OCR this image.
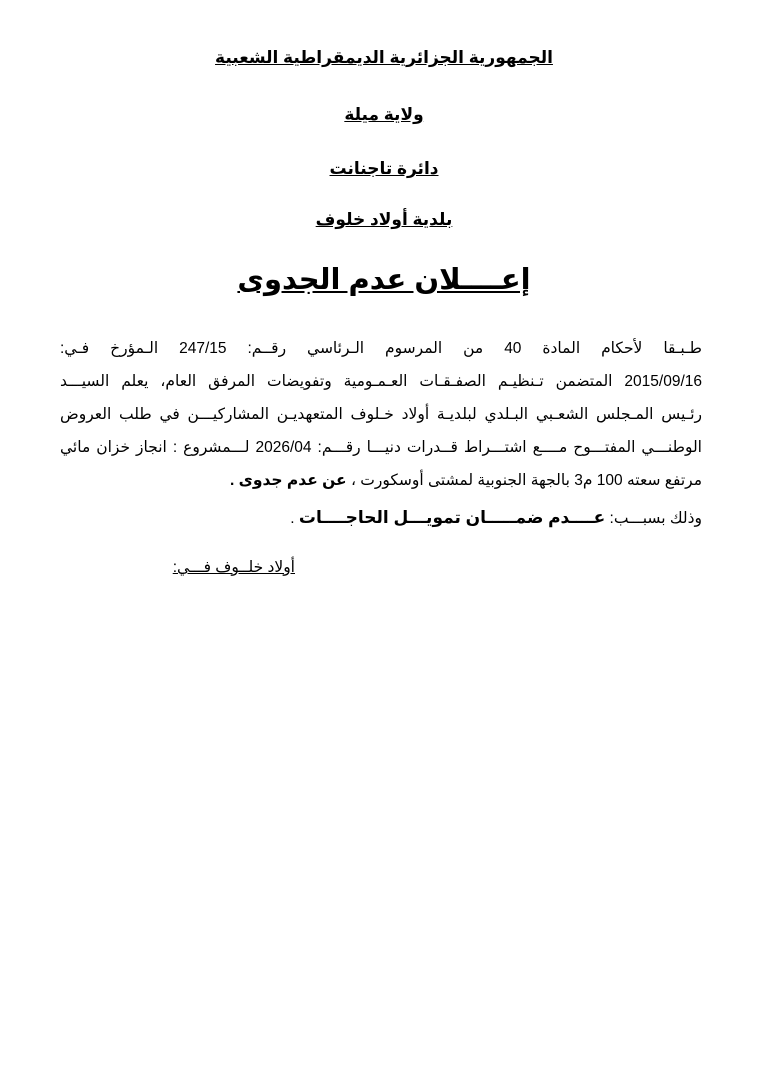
الجمهورية الجزائرية الديمقراطية الشعبية
ولاية ميلة
دائرة تاجنانت
بلدية أولاد خلوف
إعــــلان عدم الجدوى
طـبـقا لأحكام المادة 40 من المرسوم الـرئاسي رقــم: 247/15 الـمؤرخ فـي:
2015/09/16 المتضمن تـنظيـم الصفـقـات العـمـومية وتفويضات المرفق العام، يعلم السيـــد
رئـيس المـجلس الشعـبي البـلدي لبلديـة أولاد خـلوف المتعهديـن المشاركيـــن في طلب العروض
الوطنـــي المفتـــوح مــــع اشتـــراط قــدرات دنيـــا رقـــم: 2026/04 لـــمشروع : انجاز خزان مائي
مرتفع سعته 100 م3 بالجهة الجنوبية لمشتى أوسكورت ، عن عدم جدوى .
وذلك بسبـــب: عــــدم ضمـــــان تمويـــل الحاجــــات .
أولاد خلــوف فـــي:
